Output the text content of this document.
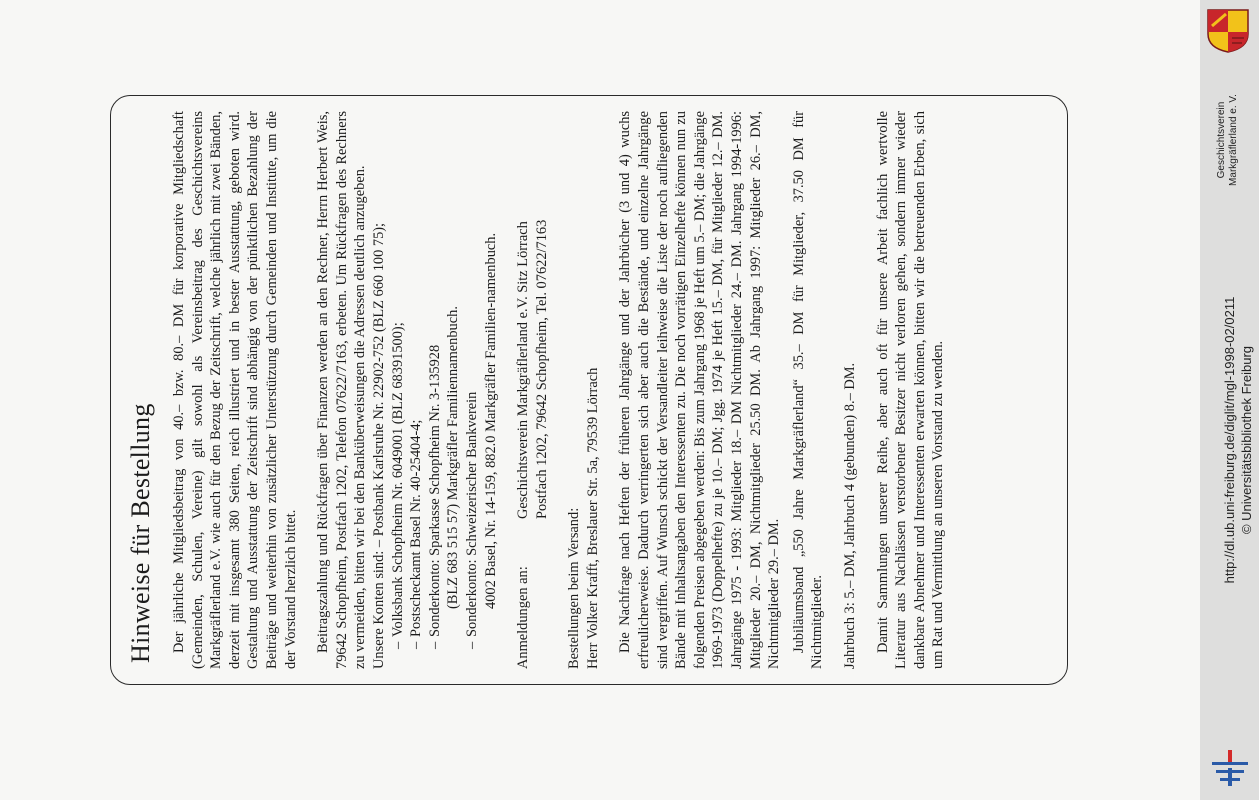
Hinweise für Bestellung Der jährliche Mitgliedsbeitrag von 40.– bzw. 80.– DM für korporative Mitgliedschaft (Gemeinden, Schulen, Vereine) gilt sowohl als Vereinsbeitrag des Geschichtsvereins Markgräflerland e.V. wie auch für den Bezug der Zeitschrift, welche jährlich mit zwei Bänden, derzeit mit insgesamt 380 Seiten, reich illustriert und in bester Ausstattung, geboten wird. Gestaltung und Ausstattung der Zeitschrift sind abhängig von der pünktlichen Bezahlung der Beiträge und weiterhin von zusätzlicher Unterstützung durch Gemeinden und Institute, um die der Vorstand herzlich bittet. Beitragszahlung und Rückfragen über Finanzen werden an den Rechner, Herrn Herbert Weis, 79642 Schopfheim, Postfach 1202, Telefon 07622/7163, erbeten. Um Rückfragen des Rechners zu vermeiden, bitten wir bei den Banküberweisungen die Adressen deutlich anzugeben. Unsere Konten sind: – Postbank Karlsruhe Nr. 22902-752 (BLZ 660 100 75); –Volksbank Schopfheim Nr. 6049001 (BLZ 68391500);
–Postscheckamt Basel Nr. 40-25404-4;
–Sonderkonto: Sparkasse Schopfheim Nr. 3-135928 (BLZ 683 515 57) Markgräfler Familiennamenbuch.
–Sonderkonto: Schweizerischer Bankverein 4002 Basel, Nr. 14-159, 882.0 Markgräfler Familien-namenbuch.
Anmeldungen an:
Geschichtsverein Markgräflerland e.V. Sitz Lörrach Postfach 1202, 79642 Schopfheim, Tel. 07622/7163
Bestellungen beim Versand: Herr Volker Krafft, Breslauer Str. 5a, 79539 Lörrach Die Nachfrage nach Heften der früheren Jahrgänge und der Jahrbücher (3 und 4) wuchs erfreulicherweise. Dadurch verringerten sich aber auch die Bestände, und einzelne Jahrgänge sind vergriffen. Auf Wunsch schickt der Versandleiter leihweise die Liste der noch aufliegenden Bände mit Inhaltsangaben den Interessenten zu. Die noch vorrätigen Einzelhefte können nun zu folgenden Preisen abgegeben werden: Bis zum Jahrgang 1968 je Heft um 5.– DM; die Jahrgänge 1969-1973 (Doppelhefte) zu je 10.– DM; Jgg. 1974 je Heft 15.– DM, für Mitglieder 12.– DM. Jahrgänge 1975 - 1993: Mitglieder 18.– DM Nichtmitglieder 24.– DM. Jahrgang 1994-1996: Mitglieder 20.– DM, Nichtmitglieder 25.50 DM. Ab Jahrgang 1997: Mitglieder 26.– DM, Nichtmitglieder 29.– DM. Jubiläumsband „550 Jahre Markgräflerland“ 35.– DM für Mitglieder, 37.50 DM für Nichtmitglieder. Jahrbuch 3: 5.– DM, Jahrbuch 4 (gebunden) 8.– DM. Damit Sammlungen unserer Reihe, aber auch oft für unsere Arbeit fachlich wertvolle Literatur aus Nachlässen verstorbener Besitzer nicht verloren gehen, sondern immer wieder dankbare Abnehmer und Interessenten erwarten können, bitten wir die betreuenden Erben, sich um Rat und Vermittlung an unseren Vorstand zu wenden.

Geschichtsverein Markgräflerland e. V.
http://dl.ub.uni-freiburg.de/diglit/mgl-1998-02/0211 © Universitätsbibliothek Freiburg
